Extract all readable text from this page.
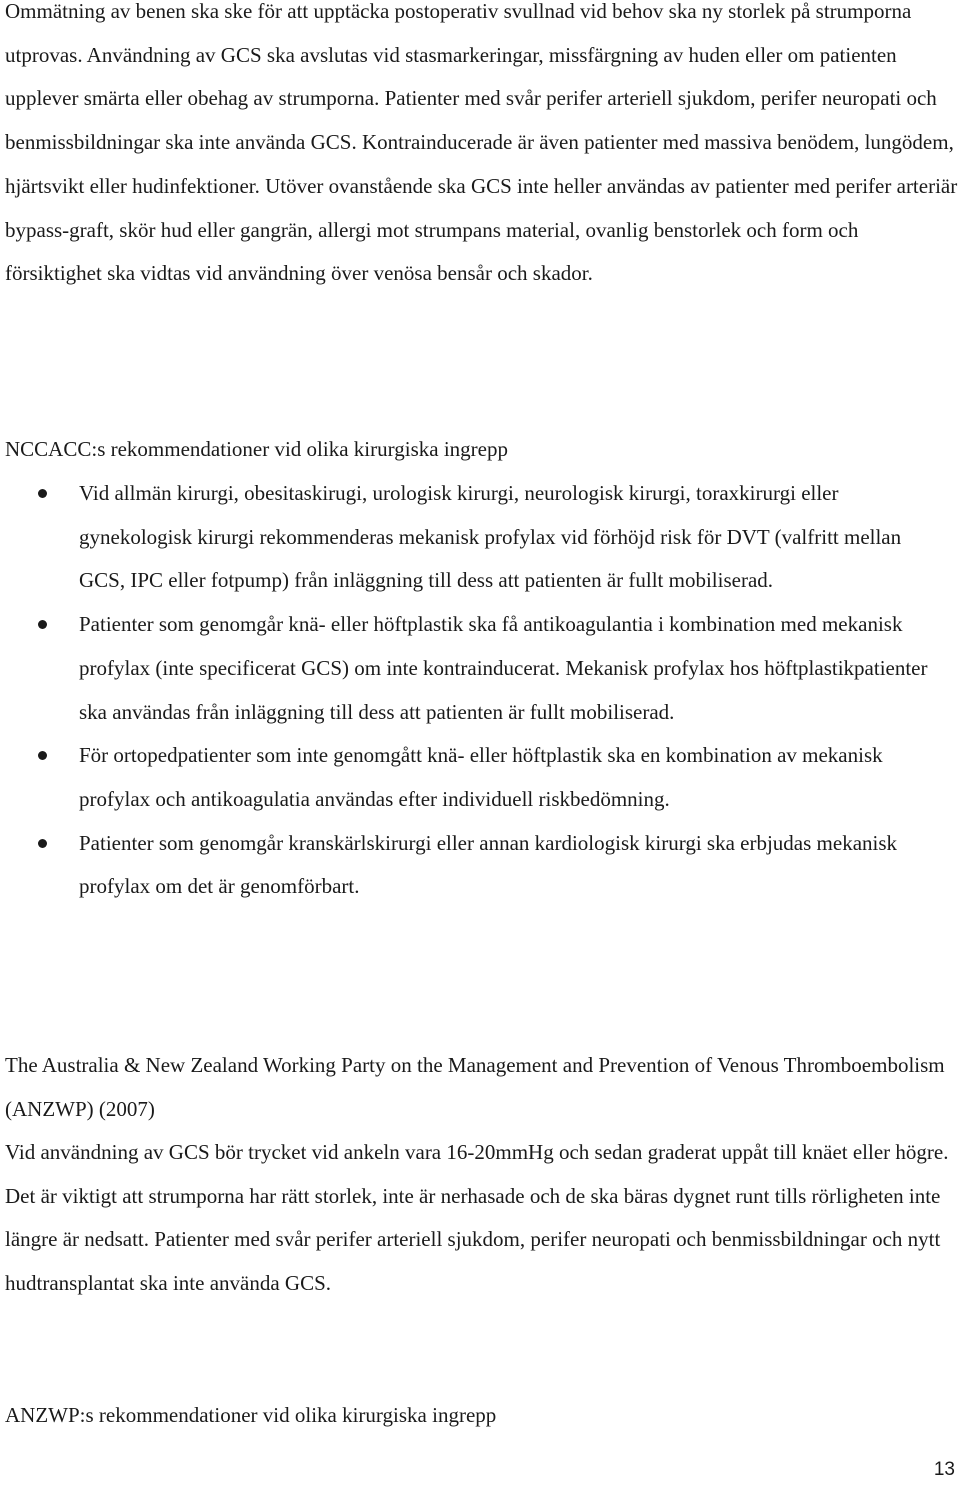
Ommätning av benen ska ske för att upptäcka postoperativ svullnad vid behov ska ny storlek på strumporna utprovas. Användning av GCS ska avslutas vid stasmarkeringar, missfärgning av huden eller om patienten upplever smärta eller obehag av strumporna. Patienter med svår perifer arteriell sjukdom, perifer neuropati och benmissbildningar ska inte använda GCS. Kontrainducerade är även patienter med massiva benödem, lungödem, hjärtsvikt eller hudinfektioner. Utöver ovanstående ska GCS inte heller användas av patienter med perifer arteriär bypass-graft, skör hud eller gangrän, allergi mot strumpans material, ovanlig benstorlek och form och försiktighet ska vidtas vid användning över venösa bensår och skador.

NCCACC:s rekommendationer vid olika kirurgiska ingrepp

Vid allmän kirurgi, obesitaskirugi, urologisk kirurgi, neurologisk kirurgi, toraxkirurgi eller gynekologisk kirurgi rekommenderas mekanisk profylax vid förhöjd risk för DVT (valfritt mellan GCS, IPC eller fotpump) från inläggning till dess att patienten är fullt mobiliserad.
Patienter som genomgår knä- eller höftplastik ska få antikoagulantia i kombination med mekanisk profylax (inte specificerat GCS) om inte kontrainducerat. Mekanisk profylax hos höftplastikpatienter ska användas från inläggning till dess att patienten är fullt mobiliserad.
För ortopedpatienter som inte genomgått knä- eller höftplastik ska en kombination av mekanisk profylax och antikoagulatia användas efter individuell riskbedömning.
Patienter som genomgår kranskärlskirurgi eller annan kardiologisk kirurgi ska erbjudas mekanisk profylax om det är genomförbart.

The Australia & New Zealand Working Party on the Management and Prevention of Venous Thromboembolism (ANZWP) (2007)

Vid användning av GCS bör trycket vid ankeln vara 16-20mmHg och sedan graderat uppåt till knäet eller högre. Det är viktigt att strumporna har rätt storlek, inte är nerhasade och de ska bäras dygnet runt tills rörligheten inte längre är nedsatt. Patienter med svår perifer arteriell sjukdom, perifer neuropati och benmissbildningar och nytt hudtransplantat ska inte använda GCS.

ANZWP:s rekommendationer vid olika kirurgiska ingrepp

13
